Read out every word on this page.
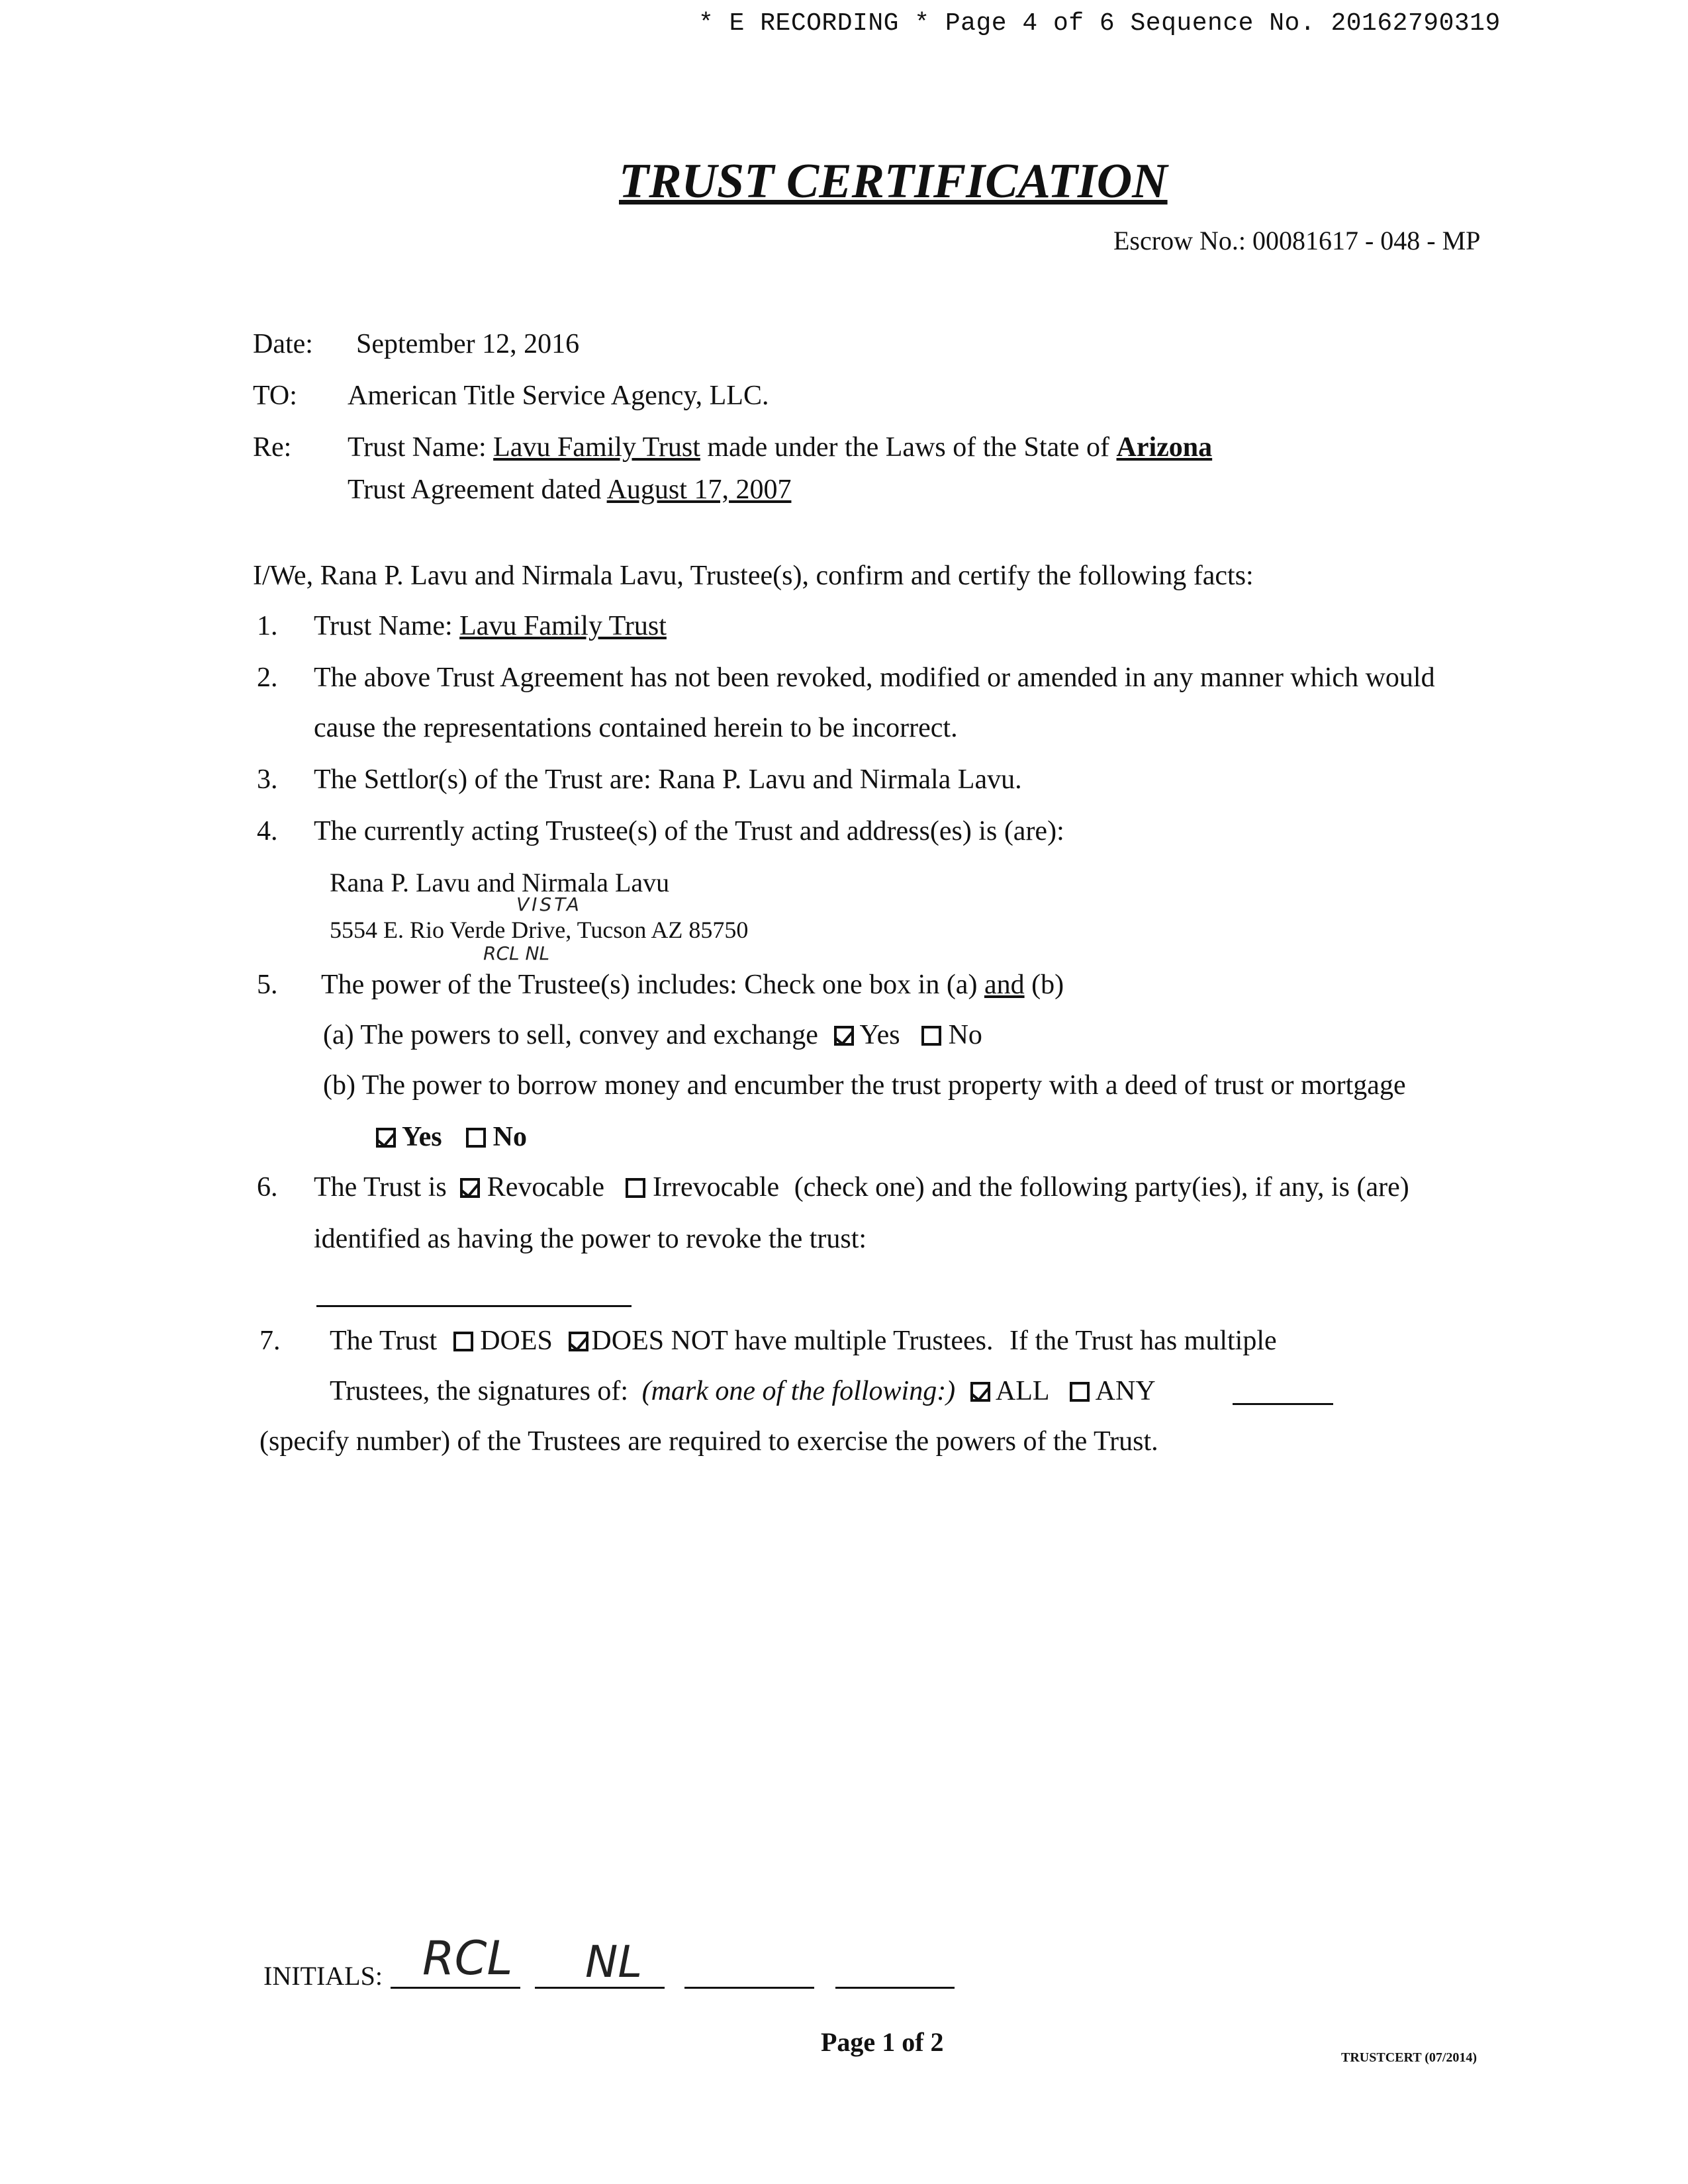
* E RECORDING * Page 4 of 6 Sequence No. 20162790319
TRUST CERTIFICATION
Escrow No.: 00081617 - 048 - MP
Date: September 12, 2016
TO: American Title Service Agency, LLC.
Re: Trust Name: Lavu Family Trust made under the Laws of the State of Arizona
Trust Agreement dated August 17, 2007
I/We, Rana P. Lavu and Nirmala Lavu, Trustee(s), confirm and certify the following facts:
1. Trust Name: Lavu Family Trust
2. The above Trust Agreement has not been revoked, modified or amended in any manner which would
cause the representations contained herein to be incorrect.
3. The Settlor(s) of the Trust are: Rana P. Lavu and Nirmala Lavu.
4. The currently acting Trustee(s) of the Trust and address(es) is (are):
Rana P. Lavu and Nirmala Lavu
VISTA
5554 E. Rio Verde Drive, Tucson AZ 85750
RCL NL
5. The power of the Trustee(s) includes: Check one box in (a) and (b)
(a) The powers to sell, convey and exchange Yes No
(b) The power to borrow money and encumber the trust property with a deed of trust or mortgage
Yes No
6. The Trust is Revocable Irrevocable (check one) and the following party(ies), if any, is (are)
identified as having the power to revoke the trust:
7. The Trust DOES DOES NOT have multiple Trustees. If the Trust has multiple
Trustees, the signatures of: (mark one of the following:) ALL ANY
(specify number) of the Trustees are required to exercise the powers of the Trust.
INITIALS: RCL NL
Page 1 of 2
TRUSTCERT (07/2014)
